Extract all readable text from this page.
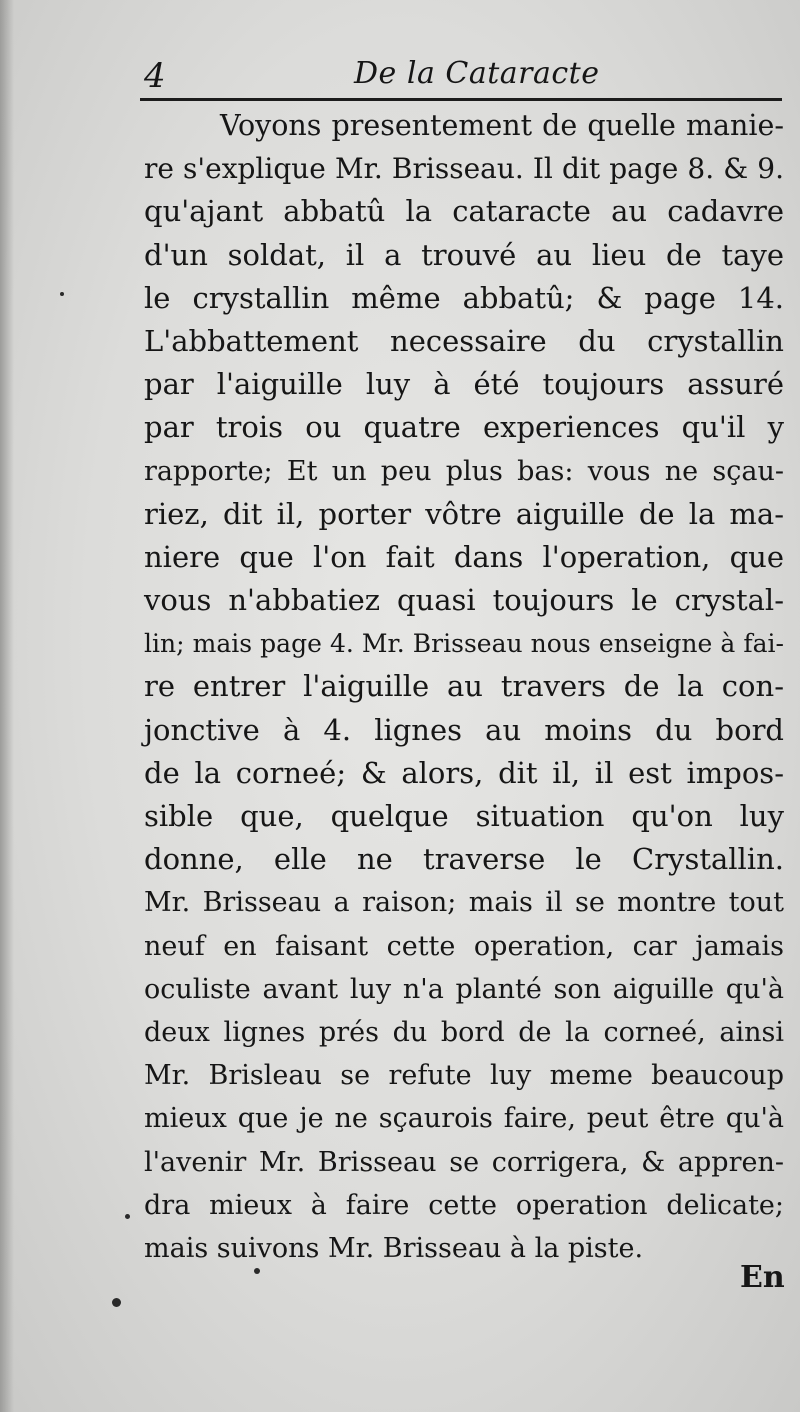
4	De la Cataracte
Voyons presentement de quelle manie-
re s'explique Mr. Brisseau. Il dit page 8. & 9.
qu'ajant abbatû la cataracte au cadavre
d'un soldat, il a trouvé au lieu de taye
le crystallin même abbatû; & page 14.
L'abbattement necessaire du crystallin
par l'aiguille luy à été toujours assuré
par trois ou quatre experiences qu'il y
rapporte; Et un peu plus bas: vous ne sçau-
riez, dit il, porter vôtre aiguille de la ma-
niere que l'on fait dans l'operation, que
vous n'abbatiez quasi toujours le crystal-
lin; mais page 4. Mr. Brisseau nous enseigne à fai-
re entrer l'aiguille au travers de la con-
jonctive à 4. lignes au moins du bord
de la corneé; & alors, dit il, il est impos-
sible que, quelque situation qu'on luy
donne, elle ne traverse le Crystallin.
Mr. Brisseau a raison; mais il se montre tout
neuf en faisant cette operation, car jamais
oculiste avant luy n'a planté son aiguille qu'à
deux lignes prés du bord de la corneé, ainsi
Mr. Brisleau se refute luy meme beaucoup
mieux que je ne sçaurois faire, peut être qu'à
l'avenir Mr. Brisseau se corrigera, & appren-
dra mieux à faire cette operation delicate;
mais suivons Mr. Brisseau à la piste.
En
